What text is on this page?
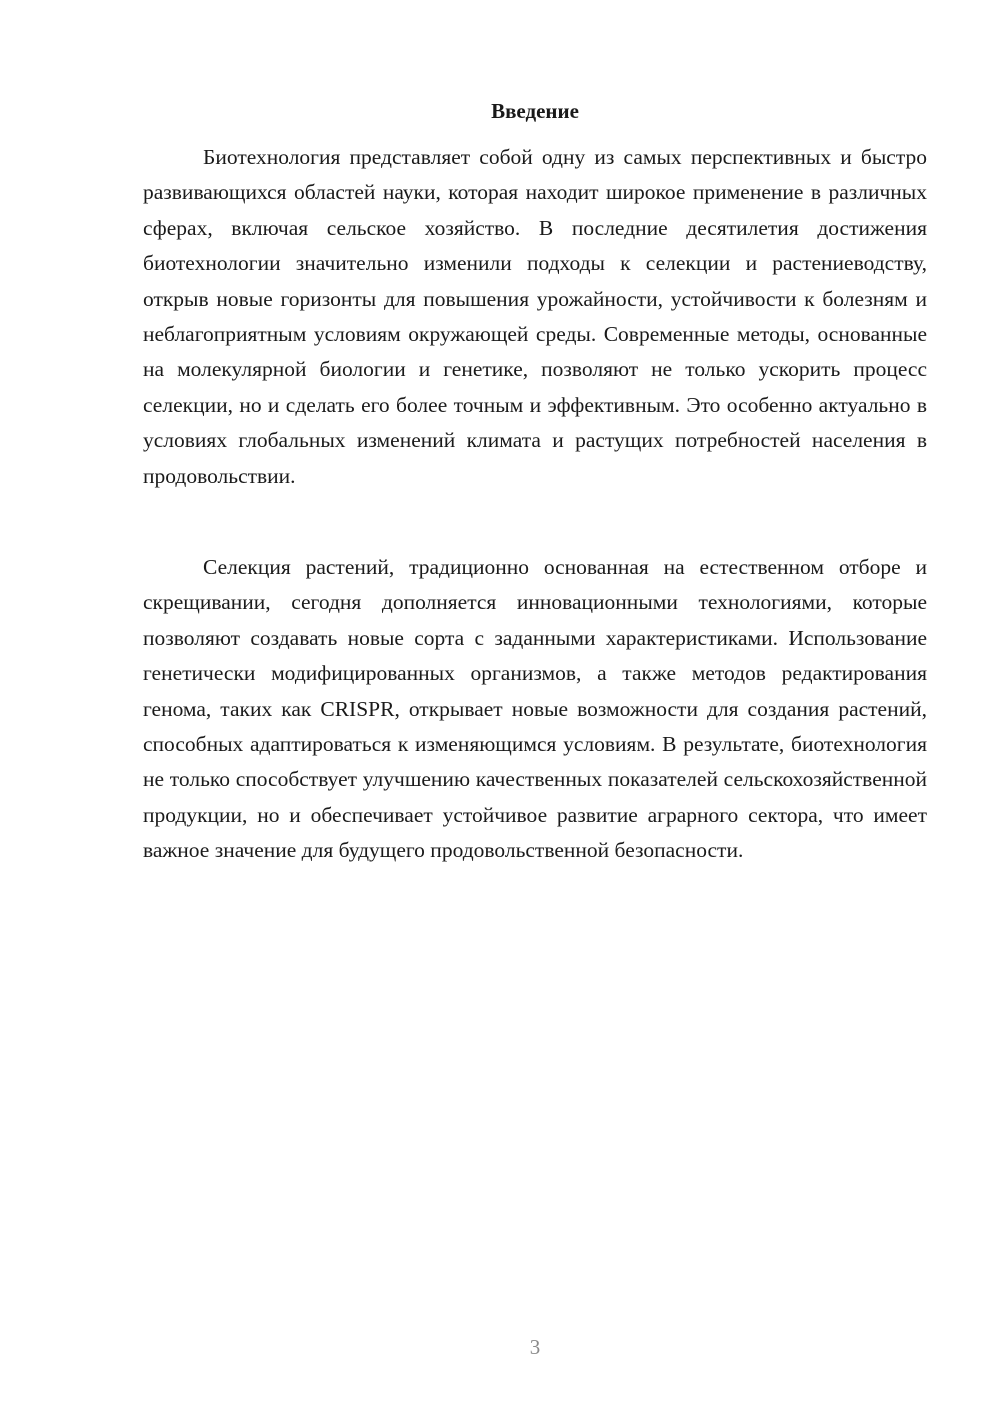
Введение

Биотехнология представляет собой одну из самых перспективных и быстро развивающихся областей науки, которая находит широкое применение в различных сферах, включая сельское хозяйство. В последние десятилетия достижения биотехнологии значительно изменили подходы к селекции и растениеводству, открыв новые горизонты для повышения урожайности, устойчивости к болезням и неблагоприятным условиям окружающей среды. Современные методы, основанные на молекулярной биологии и генетике, позволяют не только ускорить процесс селекции, но и сделать его более точным и эффективным. Это особенно актуально в условиях глобальных изменений климата и растущих потребностей населения в продовольствии.

Селекция растений, традиционно основанная на естественном отборе и скрещивании, сегодня дополняется инновационными технологиями, которые позволяют создавать новые сорта с заданными характеристиками. Использование генетически модифицированных организмов, а также методов редактирования генома, таких как CRISPR, открывает новые возможности для создания растений, способных адаптироваться к изменяющимся условиям. В результате, биотехнология не только способствует улучшению качественных показателей сельскохозяйственной продукции, но и обеспечивает устойчивое развитие аграрного сектора, что имеет важное значение для будущего продовольственной безопасности.

3
